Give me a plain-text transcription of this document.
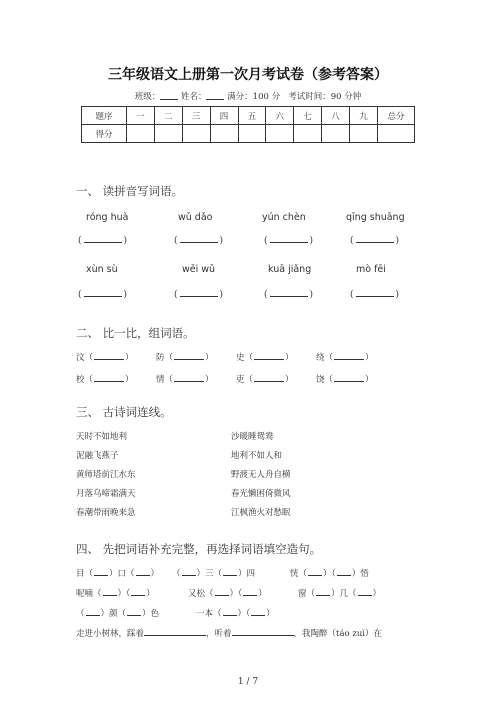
三年级语文上册第一次月考试卷（参考答案）
班级： 姓名： 满分：100 分 考试时间：90 分钟
题序	一	二	三	四	五	六	七	八	九	总分
得分										
一、 读拼音写词语。
róng huà	wǔ dǎo	yún chèn	qīng shuāng
(	)	(	)	(	)	(	)
xùn sù	wēi wǔ	kuā jiǎng	mò fēi
(	)	(	)	(	)	(	)
二、 比一比，组词语。
汶（	）	防（	）	史（	）	绕（	）
校（	）	情（	）	吏（	）	饶（	）
三、 古诗词连线。
天时不如地利
泥融飞燕子
黄师塔前江水东
月落乌啼霜满天
春潮带雨晚来急
沙暖睡鸳鸯
地利不如人和
野渡无人舟自横
春光懒困倚微风
江枫渔火对愁眠
四、 先把词语补充完整，再选择词语填空造句。
目（ ）口（ ） （ ）三（ ）四	恍（ ）（ ）悟
呢喃（ ）（ ）	又松（ ）（ ）	窗（ ）几（ ）
（ ）颜（ ）色	一本（ ）（ ）
走进小树林，踩着	，听着	，我陶醉（táo zuì）在
1 / 7
